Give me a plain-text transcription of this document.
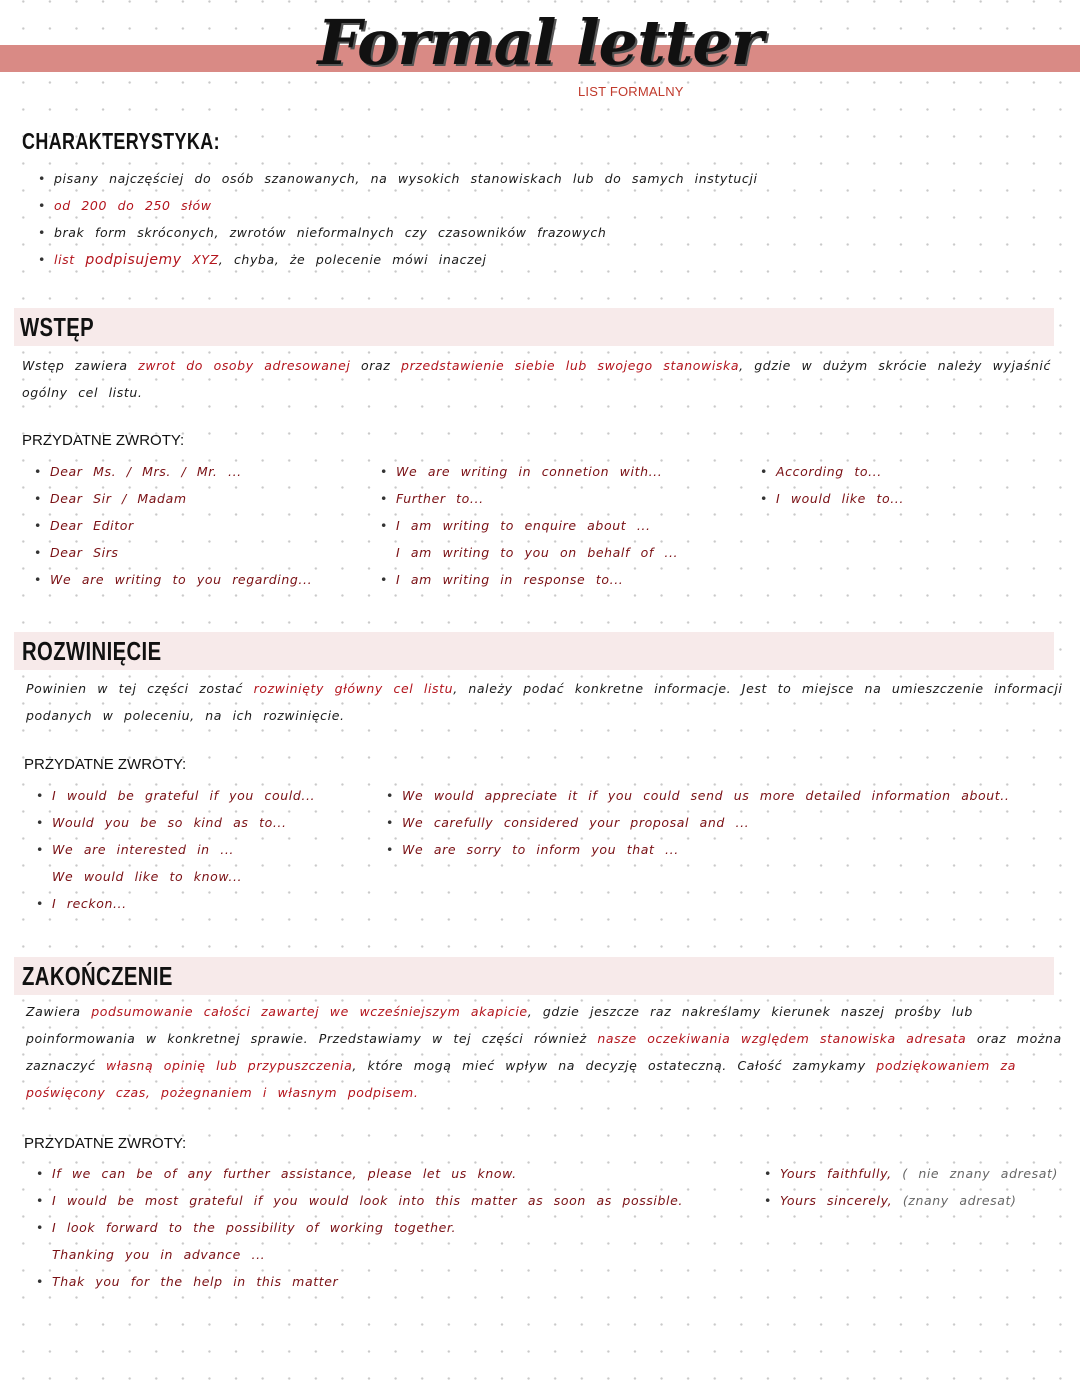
Formal letter
LIST FORMALNY
CHARAKTERYSTYKA:
• pisany najczęściej do osób szanowanych, na wysokich stanowiskach lub do samych instytucji
• od 200 do 250 słów
• brak form skróconych, zwrotów nieformalnych czy czasowników frazowych
• list podpisujemy XYZ, chyba, że polecenie mówi inaczej
WSTĘP
Wstęp zawiera zwrot do osoby adresowanej oraz przedstawienie siebie lub swojego stanowiska, gdzie w dużym skrócie należy wyjaśnić ogólny cel listu.
PRZYDATNE ZWROTY:
• Dear Ms. / Mrs. / Mr. ...
• Dear Sir / Madam
• Dear Editor
• Dear Sirs
• We are writing to you regarding...
• We are writing in connetion with...
• Further to...
• I am writing to enquire about ...
I am writing to you on behalf of ...
• I am writing in response to...
• According to...
• I would like to...
ROZWINIĘCIE
Powinien w tej części zostać rozwinięty główny cel listu, należy podać konkretne informacje. Jest to miejsce na umieszczenie informacji podanych w poleceniu, na ich rozwinięcie.
PRZYDATNE ZWROTY:
• I would be grateful if you could...
• Would you be so kind as to...
• We are interested in ...
We would like to know...
• I reckon...
• We would appreciate it if you could send us more detailed information about..
• We carefully considered your proposal and ...
• We are sorry to inform you that ...
ZAKOŃCZENIE
Zawiera podsumowanie całości zawartej we wcześniejszym akapicie, gdzie jeszcze raz nakreślamy kierunek naszej prośby lub poinformowania w konkretnej sprawie. Przedstawiamy w tej części również nasze oczekiwania względem stanowiska adresata oraz można zaznaczyć własną opinię lub przypuszczenia, które mogą mieć wpływ na decyzję ostateczną. Całość zamykamy podziękowaniem za poświęcony czas, pożegnaniem i własnym podpisem.
PRZYDATNE ZWROTY:
• If we can be of any further assistance, please let us know.
• I would be most grateful if you would look into this matter as soon as possible.
• I look forward to the possibility of working together.
Thanking you in advance ...
• Thak you for the help in this matter
• Yours faithfully, ( nie znany adresat)
• Yours sincerely, (znany adresat)
